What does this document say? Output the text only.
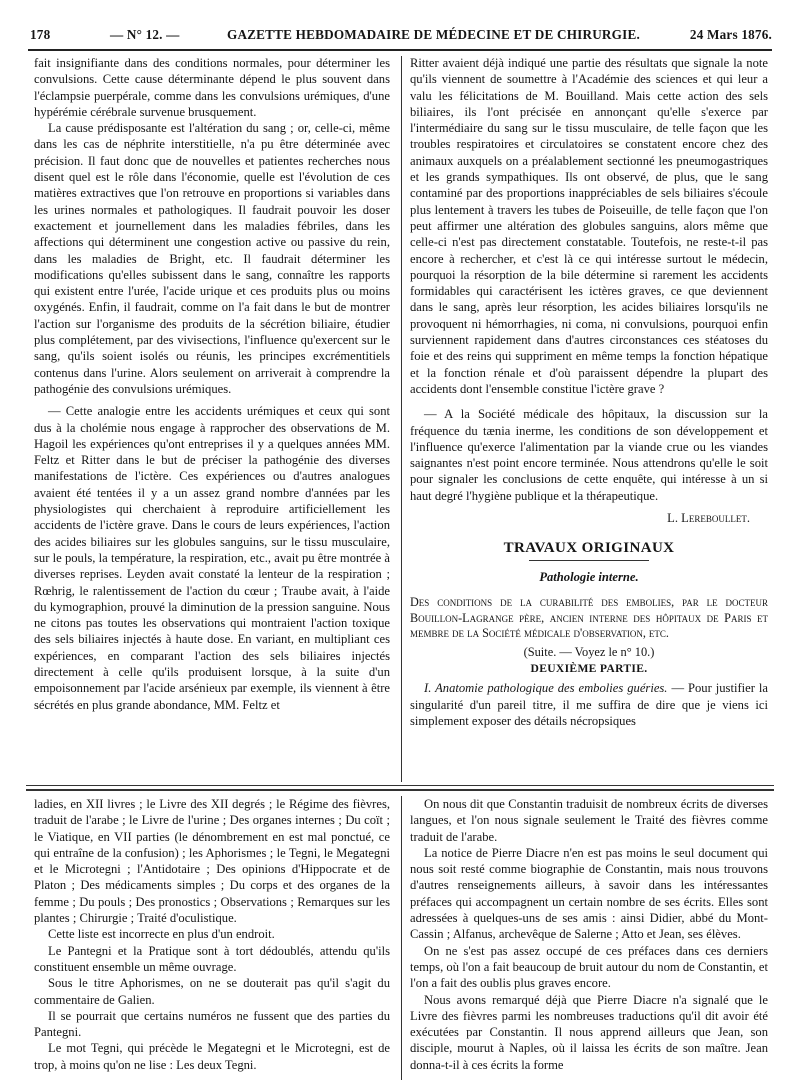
178	— N° 12. —	GAZETTE HEBDOMADAIRE DE MÉDECINE ET DE CHIRURGIE.	24 Mars 1876.

fait insignifiante dans des conditions normales, pour déterminer les convulsions. Cette cause déterminante dépend le plus souvent dans l'éclampsie puerpérale, comme dans les convulsions urémiques, d'une hypérémie cérébrale survenue brusquement.

La cause prédisposante est l'altération du sang ; or, celle-ci, même dans les cas de néphrite interstitielle, n'a pu être déterminée avec précision. Il faut donc que de nouvelles et patientes recherches nous disent quel est le rôle dans l'économie, quelle est l'évolution de ces matières extractives que l'on retrouve en proportions si variables dans les urines normales et pathologiques. Il faudrait pouvoir les doser exactement et journellement dans les maladies fébriles, dans les affections qui déterminent une congestion active ou passive du rein, dans les maladies de Bright, etc. Il faudrait déterminer les modifications qu'elles subissent dans le sang, connaître les rapports qui existent entre l'urée, l'acide urique et ces produits plus ou moins oxygénés. Enfin, il faudrait, comme on l'a fait dans le but de montrer l'action sur l'organisme des produits de la sécrétion biliaire, étudier plus complétement, par des vivisections, l'influence qu'exercent sur le sang, qu'ils soient isolés ou réunis, les principes excrémentitiels contenus dans l'urine. Alors seulement on arriverait à comprendre la pathogénie des convulsions urémiques.

— Cette analogie entre les accidents urémiques et ceux qui sont dus à la cholémie nous engage à rapprocher des observations de M. Hagoil les expériences qu'ont entreprises il y a quelques années MM. Feltz et Ritter dans le but de préciser la pathogénie des diverses manifestations de l'ictère. Ces expériences ou d'autres analogues avaient été tentées il y a un assez grand nombre d'années par les physiologistes qui cherchaient à reproduire artificiellement les accidents de l'ictère grave. Dans le cours de leurs expériences, l'action des acides biliaires sur les globules sanguins, sur le tissu musculaire, sur le pouls, la température, la respiration, etc., avait pu être montrée à diverses reprises. Leyden avait constaté la lenteur de la respiration ; Rœhrig, le ralentissement de l'action du cœur ; Traube avait, à l'aide du kymographion, prouvé la diminution de la pression sanguine. Nous ne citons pas toutes les observations qui montraient l'action toxique des sels biliaires injectés à haute dose. En variant, en multipliant ces expériences, en comparant l'action des sels biliaires injectés directement à celle qu'ils produisent lorsque, à la suite d'un empoisonnement par l'acide arsénieux par exemple, ils viennent à être sécrétés en plus grande abondance, MM. Feltz et

Ritter avaient déjà indiqué une partie des résultats que signale la note qu'ils viennent de soumettre à l'Académie des sciences et qui leur a valu les félicitations de M. Bouilland. Mais cette action des sels biliaires, ils l'ont précisée en annonçant qu'elle s'exerce par l'intermédiaire du sang sur le tissu musculaire, de telle façon que les troubles respiratoires et circulatoires se constatent encore chez des animaux auxquels on a préalablement sectionné les pneumogastriques et les grands sympathiques. Ils ont observé, de plus, que le sang contaminé par des proportions inappréciables de sels biliaires s'écoule plus lentement à travers les tubes de Poiseuille, de telle façon que l'on peut affirmer une altération des globules sanguins, alors même que celle-ci n'est pas directement constatable. Toutefois, ne reste-t-il pas encore à rechercher, et c'est là ce qui intéresse surtout le médecin, pourquoi la résorption de la bile détermine si rarement les accidents formidables qui caractérisent les ictères graves, ce que deviennent dans le sang, après leur résorption, les acides biliaires lorsqu'ils ne provoquent ni hémorrhagies, ni coma, ni convulsions, pourquoi enfin surviennent rapidement dans d'autres circonstances ces stéatoses du foie et des reins qui suppriment en même temps la fonction hépatique et la fonction rénale et d'où paraissent dépendre la plupart des accidents dont l'ensemble constitue l'ictère grave ?

— A la Société médicale des hôpitaux, la discussion sur la fréquence du tænia inerme, les conditions de son développement et l'influence qu'exerce l'alimentation par la viande crue ou les viandes saignantes n'est point encore terminée. Nous attendrons qu'elle le soit pour signaler les conclusions de cette enquête, qui intéresse à un si haut degré l'hygiène publique et la thérapeutique.

L. Lereboullet.
TRAVAUX ORIGINAUX
Pathologie interne.
Des conditions de la curabilité des embolies, par le docteur Bouillon-Lagrange père, ancien interne des hôpitaux de Paris et membre de la Société médicale d'observation, etc.
(Suite. — Voyez le n° 10.)
DEUXIÈME PARTIE.

I. Anatomie pathologique des embolies guéries. — Pour justifier la singularité d'un pareil titre, il me suffira de dire que je viens ici simplement exposer des détails nécropsiques

ladies, en XII livres ; le Livre des XII degrés ; le Régime des fièvres, traduit de l'arabe ; le Livre de l'urine ; Des organes internes ; Du coït ; le Viatique, en VII parties (le dénombrement en est mal ponctué, ce qui entraîne de la confusion) ; les Aphorismes ; le Tegni, le Megategni et le Microtegni ; l'Antidotaire ; Des opinions d'Hippocrate et de Platon ; Des médicaments simples ; Du corps et des organes de la femme ; Du pouls ; Des pronostics ; Observations ; Remarques sur les plantes ; Chirurgie ; Traité d'oculistique.

Cette liste est incorrecte en plus d'un endroit.

Le Pantegni et la Pratique sont à tort dédoublés, attendu qu'ils constituent ensemble un même ouvrage.

Sous le titre Aphorismes, on ne se douterait pas qu'il s'agit du commentaire de Galien.

Il se pourrait que certains numéros ne fussent que des parties du Pantegni.

Le mot Tegni, qui précède le Megategni et le Microtegni, est de trop, à moins qu'on ne lise : Les deux Tegni.

On nous dit que Constantin traduisit de nombreux écrits de diverses langues, et l'on nous signale seulement le Traité des fièvres comme traduit de l'arabe.

La notice de Pierre Diacre n'en est pas moins le seul document qui nous soit resté comme biographie de Constantin, mais nous trouvons d'autres renseignements ailleurs, à savoir dans les intéressantes préfaces qui accompagnent un certain nombre de ses écrits. Elles sont adressées à quelques-uns de ses amis : ainsi Didier, abbé du Mont-Cassin ; Alfanus, archevêque de Salerne ; Atto et Jean, ses élèves.

On ne s'est pas assez occupé de ces préfaces dans ces derniers temps, où l'on a fait beaucoup de bruit autour du nom de Constantin, et l'on a fait des oublis plus graves encore.

Nous avons remarqué déjà que Pierre Diacre n'a signalé que le Livre des fièvres parmi les nombreuses traductions qu'il dit avoir été exécutées par Constantin. Il nous apprend ailleurs que Jean, son disciple, mourut à Naples, où il laissa les écrits de son maître. Jean donna-t-il à ces écrits la forme
